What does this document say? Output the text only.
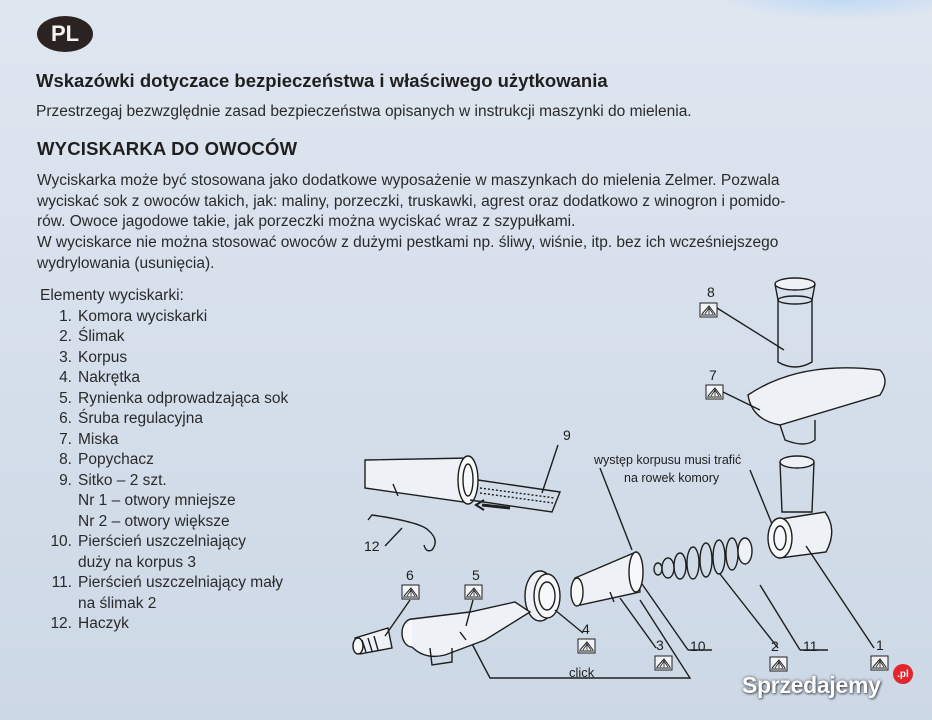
PL
Wskazówki dotyczace bezpieczeństwa i właściwego użytkowania
Przestrzegaj bezwzględnie zasad bezpieczeństwa opisanych w instrukcji maszynki do mielenia.
WYCISKARKA DO OWOCÓW
Wyciskarka może być stosowana jako dodatkowe wyposażenie w maszynkach do mielenia Zelmer. Pozwala
wyciskać sok z owoców takich, jak: maliny, porzeczki, truskawki, agrest oraz dodatkowo z winogron i pomido-
rów. Owoce jagodowe takie, jak porzeczki można wyciskać wraz z szypułkami.
W wyciskarce nie można stosować owoców z dużymi pestkami np. śliwy, wiśnie, itp. bez ich wcześniejszego
wydrylowania (usunięcia).
Elementy wyciskarki:
1. Komora wyciskarki
2. Ślimak
3. Korpus
4. Nakrętka
5. Rynienka odprowadzająca sok
6. Śruba regulacyjna
7. Miska
8. Popychacz
9. Sitko – 2 szt.
Nr 1 – otwory mniejsze
Nr 2 – otwory większe
10. Pierścień uszczelniający
duży na korpus 3
11. Pierścień uszczelniający mały
na ślimak 2
12. Haczyk
8
7
9
12
występ korpusu musi trafić
na rowek komory
1
11
2
3 10
4
click
5
6
Sprzedajemy	.pl
